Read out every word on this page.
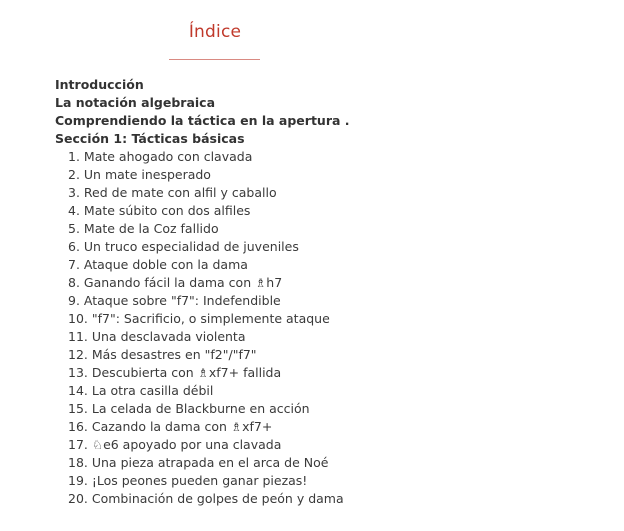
Índice
Introducción
La notación algebraica
Comprendiendo la táctica en la apertura .
Sección 1: Tácticas básicas
1 . Mate ahogado con clavada
2 . Un mate inesperado
3 . Red de mate con alfil y caballo
4 . Mate súbito con dos alfiles
5 . Mate de la Coz fallido
6 . Un truco especialidad de juveniles
7 . Ataque doble con la dama
8 . Ganando fácil la dama con ♗h7
9 . Ataque sobre "f7": Indefendible
10 . "f7": Sacrificio, o simplemente ataque
11 . Una desclavada violenta
12 . Más desastres en "f2"/"f7"
13 . Descubierta con ♗xf7+ fallida
14 . La otra casilla débil
15 . La celada de Blackburne en acción
16 . Cazando la dama con ♗xf7+
17 . ♘e6 apoyado por una clavada
18 . Una pieza atrapada en el arca de Noé
19 . ¡Los peones pueden ganar piezas!
20 . Combinación de golpes de peón y dama
